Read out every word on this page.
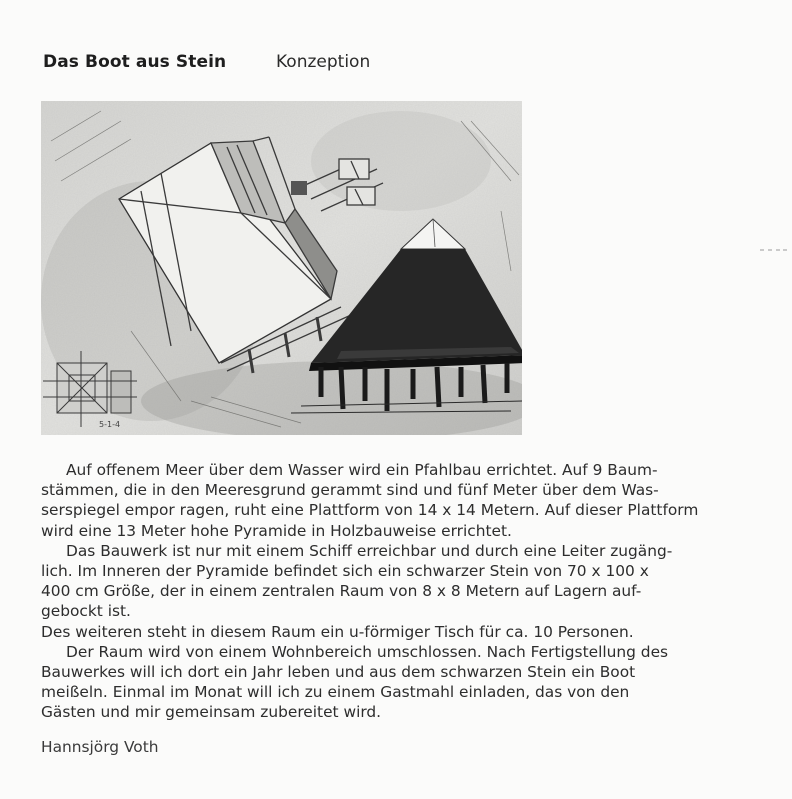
Das Boot aus Stein	Konzeption
5-1-4
Auf offenem Meer über dem Wasser wird ein Pfahlbau errichtet. Auf 9 Baum-
stämmen, die in den Meeresgrund gerammt sind und fünf Meter über dem Was-
serspiegel empor ragen, ruht eine Plattform von 14 x 14 Metern. Auf dieser Plattform
wird eine 13 Meter hohe Pyramide in Holzbauweise errichtet.
Das Bauwerk ist nur mit einem Schiff erreichbar und durch eine Leiter zugäng-
lich. Im Inneren der Pyramide befindet sich ein schwarzer Stein von 70 x 100 x
400 cm Größe, der in einem zentralen Raum von 8 x 8 Metern auf Lagern auf-
gebockt ist.
Des weiteren steht in diesem Raum ein u-förmiger Tisch für ca. 10 Personen.
Der Raum wird von einem Wohnbereich umschlossen. Nach Fertigstellung des
Bauwerkes will ich dort ein Jahr leben und aus dem schwarzen Stein ein Boot
meißeln. Einmal im Monat will ich zu einem Gastmahl einladen, das von den
Gästen und mir gemeinsam zubereitet wird.
Hannsjörg Voth
